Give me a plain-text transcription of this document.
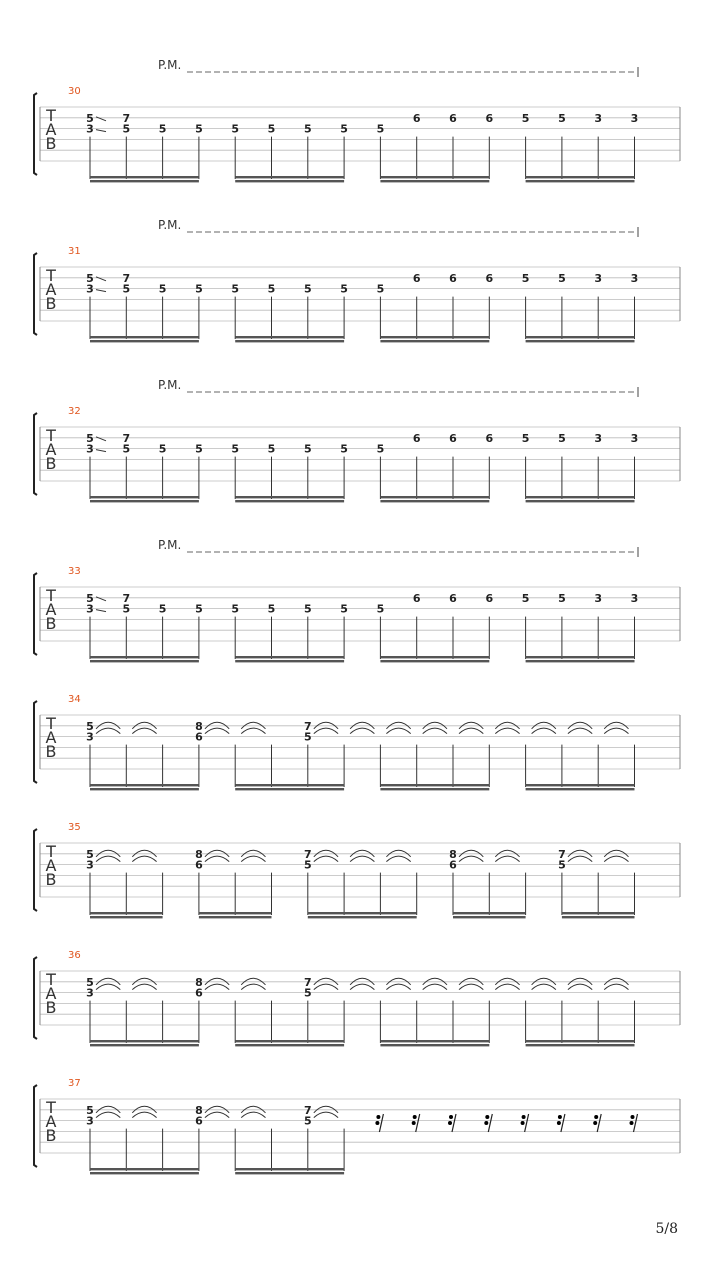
P.M.
30
T
A
B
5
3
7
5	5	5	5	5	5	5	5
6	6	6	5	5	3	3
P.M.
31
T
A
B
5
3
7
5	5	5	5	5	5	5	5
6	6	6	5	5	3	3
P.M.
32
T
A
B
5
3
7
5	5	5	5	5	5	5	5
6	6	6	5	5	3	3
P.M.
33
T
A
B
5
3
7
5	5	5	5	5	5	5	5
6	6	6	5	5	3	3
34
T
A
B
5
3
8
6
7
5
35
T
A
B
5
3
8
6
7
5
8
6
7
5
36
T
A
B
5
3
8
6
7
5
37
T
A
B
5
3
8
6
7
5
5/8
